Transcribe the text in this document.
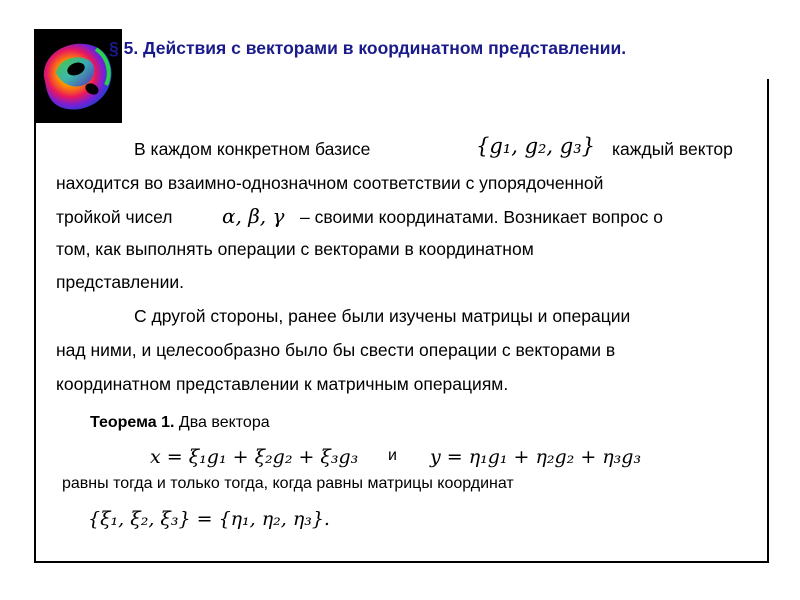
§ 5. Действия с векторами в координатном представлении.
В каждом конкретном базисе	{g₁, g₂, g₃} каждый вектор
находится во взаимно-однозначном соответствии с упорядоченной
тройкой чисел α, β, γ – своими координатами. Возникает вопрос о
том, как выполнять операции с векторами в координатном
представлении.
С другой стороны, ранее были изучены матрицы и операции
над ними, и целесообразно было бы свести операции с векторами в
координатном представлении к матричным операциям.
Теорема 1. Два вектора
x = ξ₁g₁ + ξ₂g₂ + ξ₃g₃ и y = η₁g₁ + η₂g₂ + η₃g₃
равны тогда и только тогда, когда равны матрицы координат
{ξ₁, ξ₂, ξ₃} = {η₁, η₂, η₃}.
